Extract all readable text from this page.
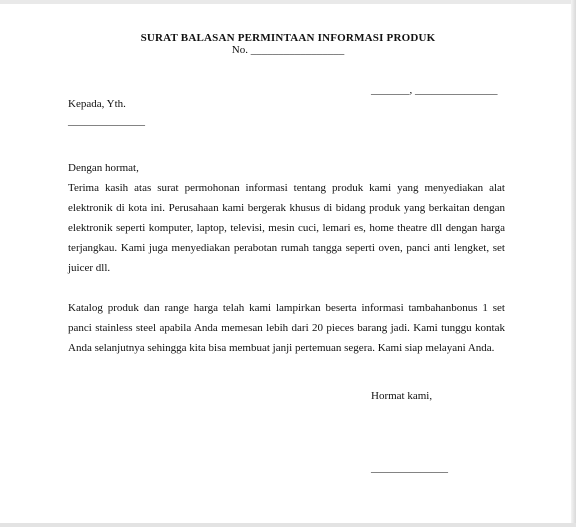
SURAT BALASAN PERMINTAAN INFORMASI PRODUK
No. _________________
_______, _______________
Kepada, Yth.
______________

Dengan hormat,

Terima kasih atas surat permohonan informasi tentang produk kami yang menyediakan alat elektronik di kota ini. Perusahaan kami bergerak khusus di bidang produk yang berkaitan dengan elektronik seperti komputer, laptop, televisi, mesin cuci, lemari es, home theatre dll dengan harga terjangkau. Kami juga menyediakan perabotan rumah tangga seperti oven, panci anti lengket, set juicer dll.

Katalog produk dan range harga telah kami lampirkan beserta informasi tambahanbonus 1 set panci stainless steel apabila Anda memesan lebih dari 20 pieces barang jadi. Kami tunggu kontak Anda selanjutnya sehingga kita bisa membuat janji pertemuan segera. Kami siap melayani Anda.

Hormat kami,
______________
